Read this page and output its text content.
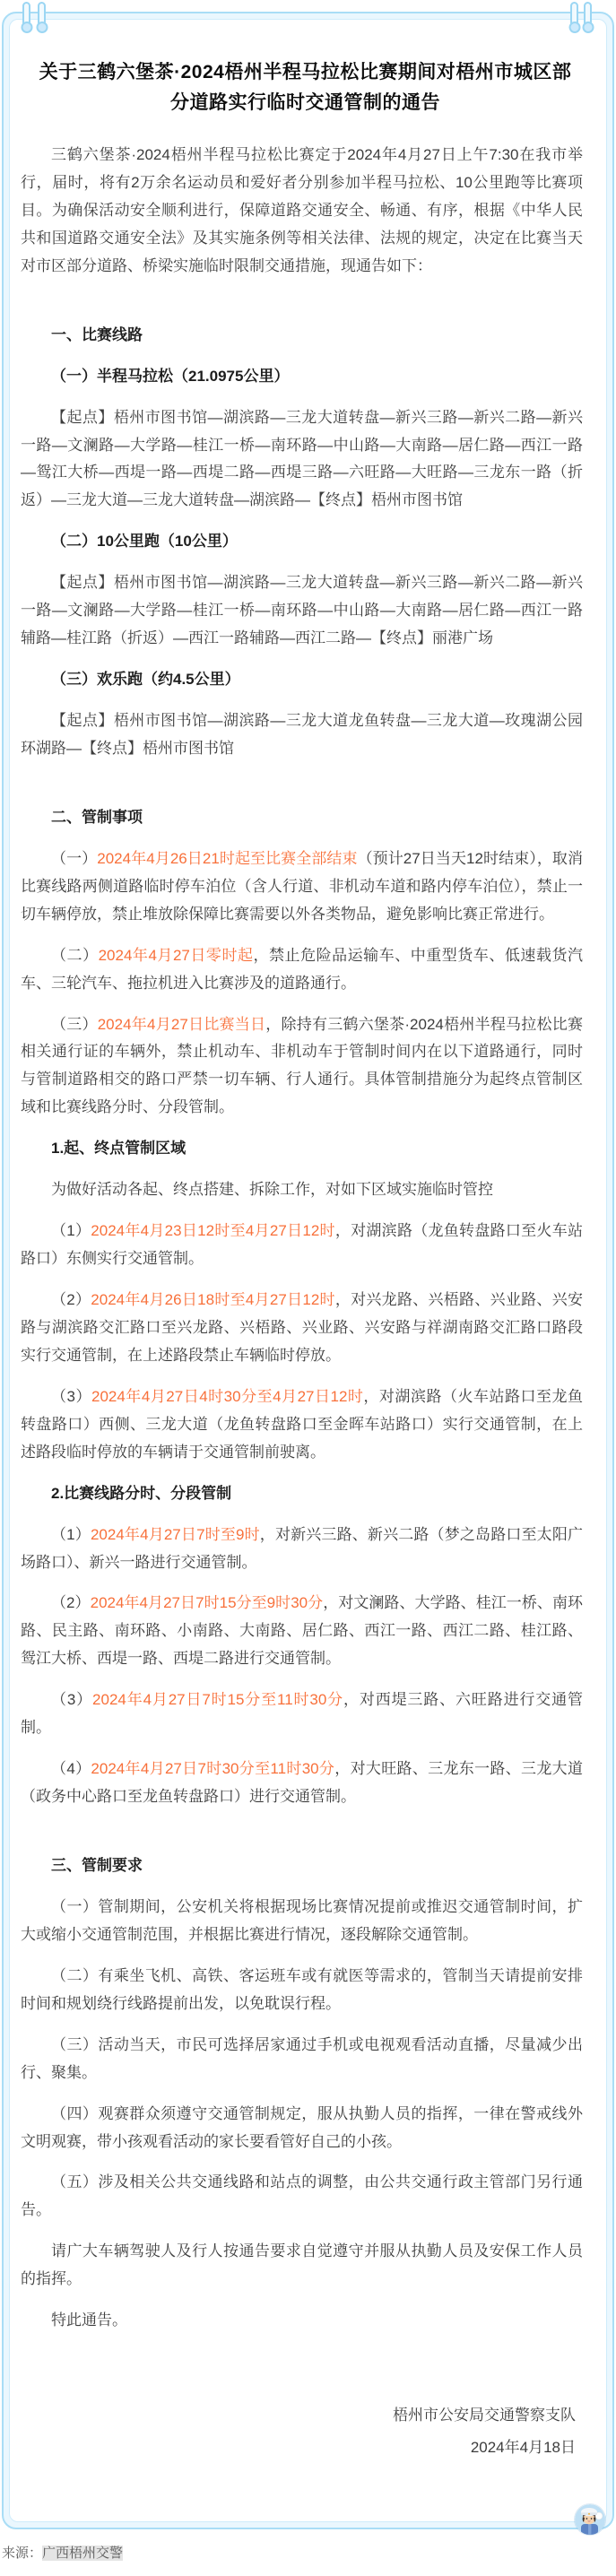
关于三鹤六堡茶·2024梧州半程马拉松比赛期间对梧州市城区部分道路实行临时交通管制的通告
三鹤六堡茶·2024梧州半程马拉松比赛定于2024年4月27日上午7:30在我市举行，届时，将有2万余名运动员和爱好者分别参加半程马拉松、10公里跑等比赛项目。为确保活动安全顺利进行，保障道路交通安全、畅通、有序，根据《中华人民共和国道路交通安全法》及其实施条例等相关法律、法规的规定，决定在比赛当天对市区部分道路、桥梁实施临时限制交通措施，现通告如下：
一、比赛线路
（一）半程马拉松（21.0975公里）
【起点】梧州市图书馆—湖滨路—三龙大道转盘—新兴三路—新兴二路—新兴一路—文澜路—大学路—桂江一桥—南环路—中山路—大南路—居仁路—西江一路—鸳江大桥—西堤一路—西堤二路—西堤三路—六旺路—大旺路—三龙东一路（折返）—三龙大道—三龙大道转盘—湖滨路—【终点】梧州市图书馆
（二）10公里跑（10公里）
【起点】梧州市图书馆—湖滨路—三龙大道转盘—新兴三路—新兴二路—新兴一路—文澜路—大学路—桂江一桥—南环路—中山路—大南路—居仁路—西江一路辅路—桂江路（折返）—西江一路辅路—西江二路—【终点】丽港广场
（三）欢乐跑（约4.5公里）
【起点】梧州市图书馆—湖滨路—三龙大道龙鱼转盘—三龙大道—玫瑰湖公园环湖路—【终点】梧州市图书馆
二、管制事项
（一）2024年4月26日21时起至比赛全部结束（预计27日当天12时结束），取消比赛线路两侧道路临时停车泊位（含人行道、非机动车道和路内停车泊位），禁止一切车辆停放，禁止堆放除保障比赛需要以外各类物品，避免影响比赛正常进行。
（二）2024年4月27日零时起，禁止危险品运输车、中重型货车、低速载货汽车、三轮汽车、拖拉机进入比赛涉及的道路通行。
（三）2024年4月27日比赛当日，除持有三鹤六堡茶·2024梧州半程马拉松比赛相关通行证的车辆外，禁止机动车、非机动车于管制时间内在以下道路通行，同时与管制道路相交的路口严禁一切车辆、行人通行。具体管制措施分为起终点管制区域和比赛线路分时、分段管制。
1.起、终点管制区域
为做好活动各起、终点搭建、拆除工作，对如下区域实施临时管控
（1）2024年4月23日12时至4月27日12时，对湖滨路（龙鱼转盘路口至火车站路口）东侧实行交通管制。
（2）2024年4月26日18时至4月27日12时，对兴龙路、兴梧路、兴业路、兴安路与湖滨路交汇路口至兴龙路、兴梧路、兴业路、兴安路与祥湖南路交汇路口路段实行交通管制，在上述路段禁止车辆临时停放。
（3）2024年4月27日4时30分至4月27日12时，对湖滨路（火车站路口至龙鱼转盘路口）西侧、三龙大道（龙鱼转盘路口至金晖车站路口）实行交通管制，在上述路段临时停放的车辆请于交通管制前驶离。
2.比赛线路分时、分段管制
（1）2024年4月27日7时至9时，对新兴三路、新兴二路（梦之岛路口至太阳广场路口）、新兴一路进行交通管制。
（2）2024年4月27日7时15分至9时30分，对文澜路、大学路、桂江一桥、南环路、民主路、南环路、小南路、大南路、居仁路、西江一路、西江二路、桂江路、鸳江大桥、西堤一路、西堤二路进行交通管制。
（3）2024年4月27日7时15分至11时30分，对西堤三路、六旺路进行交通管制。
（4）2024年4月27日7时30分至11时30分，对大旺路、三龙东一路、三龙大道（政务中心路口至龙鱼转盘路口）进行交通管制。
三、管制要求
（一）管制期间，公安机关将根据现场比赛情况提前或推迟交通管制时间，扩大或缩小交通管制范围，并根据比赛进行情况，逐段解除交通管制。
（二）有乘坐飞机、高铁、客运班车或有就医等需求的，管制当天请提前安排时间和规划绕行线路提前出发，以免耽误行程。
（三）活动当天，市民可选择居家通过手机或电视观看活动直播，尽量减少出行、聚集。
（四）观赛群众须遵守交通管制规定，服从执勤人员的指挥，一律在警戒线外文明观赛，带小孩观看活动的家长要看管好自己的小孩。
（五）涉及相关公共交通线路和站点的调整，由公共交通行政主管部门另行通告。
请广大车辆驾驶人及行人按通告要求自觉遵守并服从执勤人员及安保工作人员的指挥。
特此通告。
梧州市公安局交通警察支队
2024年4月18日
来源：广西梧州交警
